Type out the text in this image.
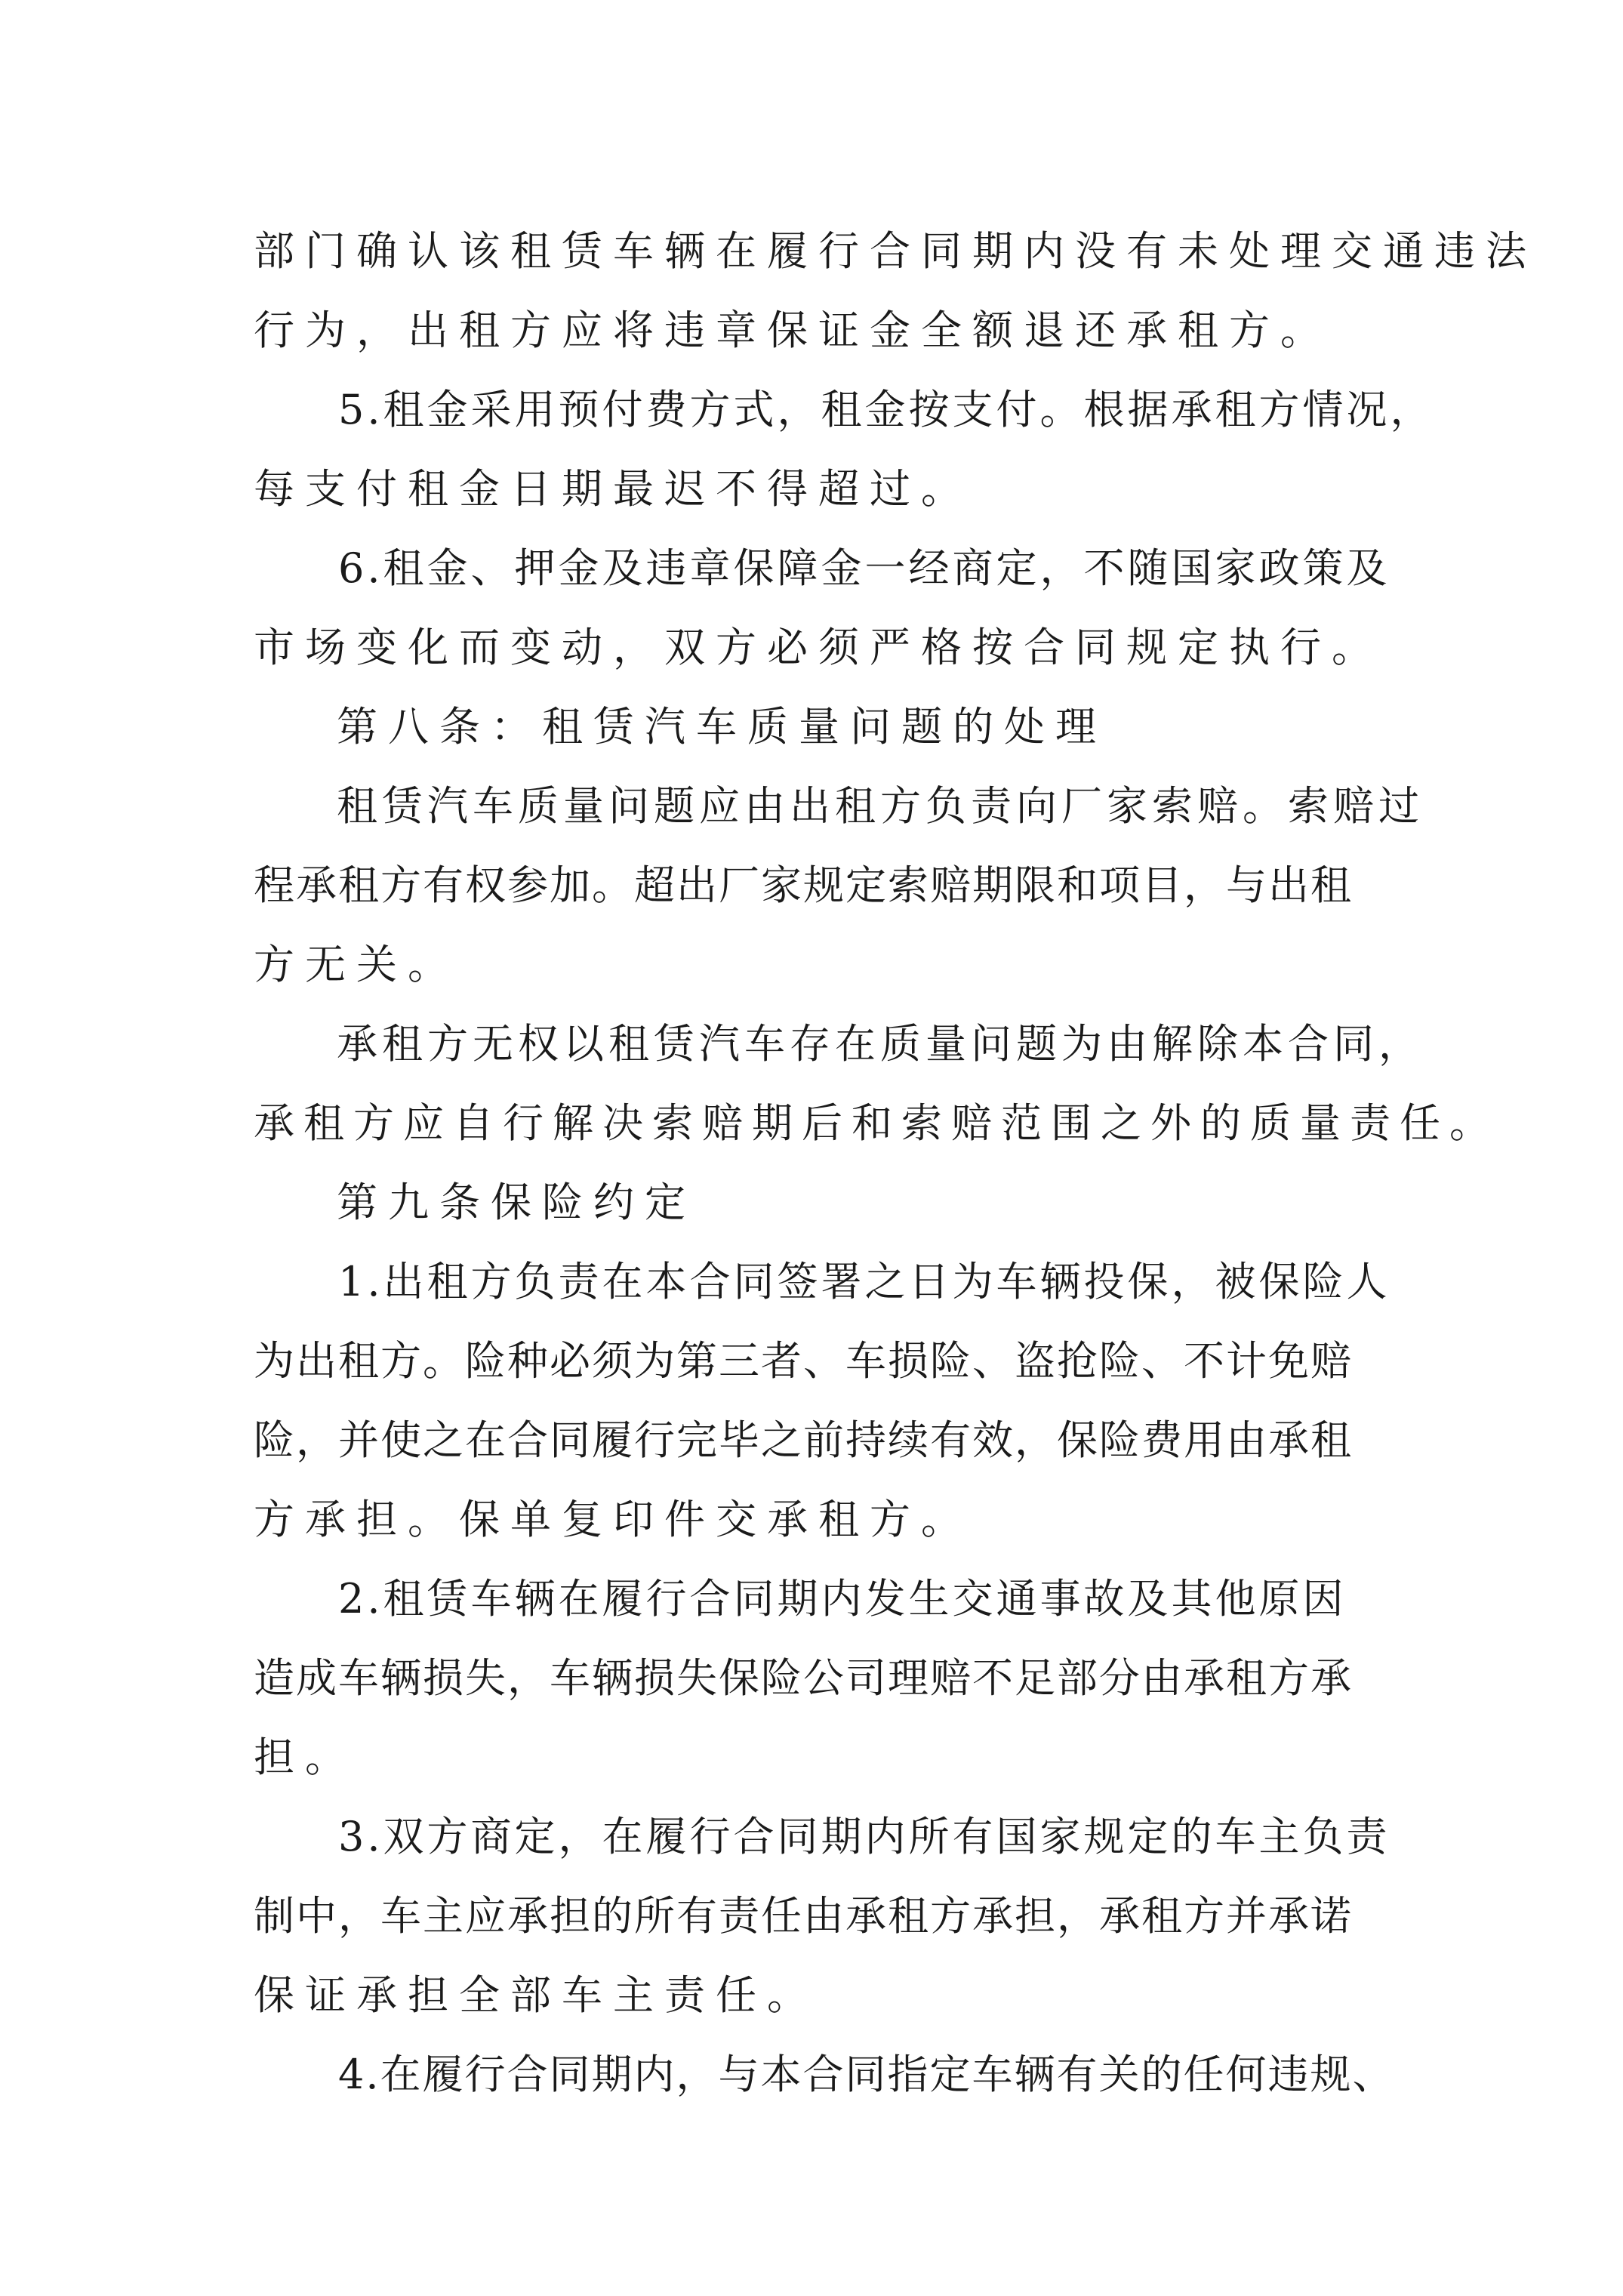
部门确认该租赁车辆在履行合同期内没有未处理交通违法
行为，出租方应将违章保证金全额退还承租方。
5.租金采用预付费方式，租金按支付。根据承租方情况，
每支付租金日期最迟不得超过。
6.租金、押金及违章保障金一经商定，不随国家政策及
市场变化而变动，双方必须严格按合同规定执行。
第八条：租赁汽车质量问题的处理
租赁汽车质量问题应由出租方负责向厂家索赔。索赔过
程承租方有权参加。超出厂家规定索赔期限和项目，与出租
方无关。
承租方无权以租赁汽车存在质量问题为由解除本合同，
承租方应自行解决索赔期后和索赔范围之外的质量责任。
第九条保险约定
1.出租方负责在本合同签署之日为车辆投保，被保险人
为出租方。险种必须为第三者、车损险、盗抢险、不计免赔
险，并使之在合同履行完毕之前持续有效，保险费用由承租
方承担。保单复印件交承租方。
2.租赁车辆在履行合同期内发生交通事故及其他原因
造成车辆损失，车辆损失保险公司理赔不足部分由承租方承
担。
3.双方商定，在履行合同期内所有国家规定的车主负责
制中，车主应承担的所有责任由承租方承担，承租方并承诺
保证承担全部车主责任。
4.在履行合同期内，与本合同指定车辆有关的任何违规、
